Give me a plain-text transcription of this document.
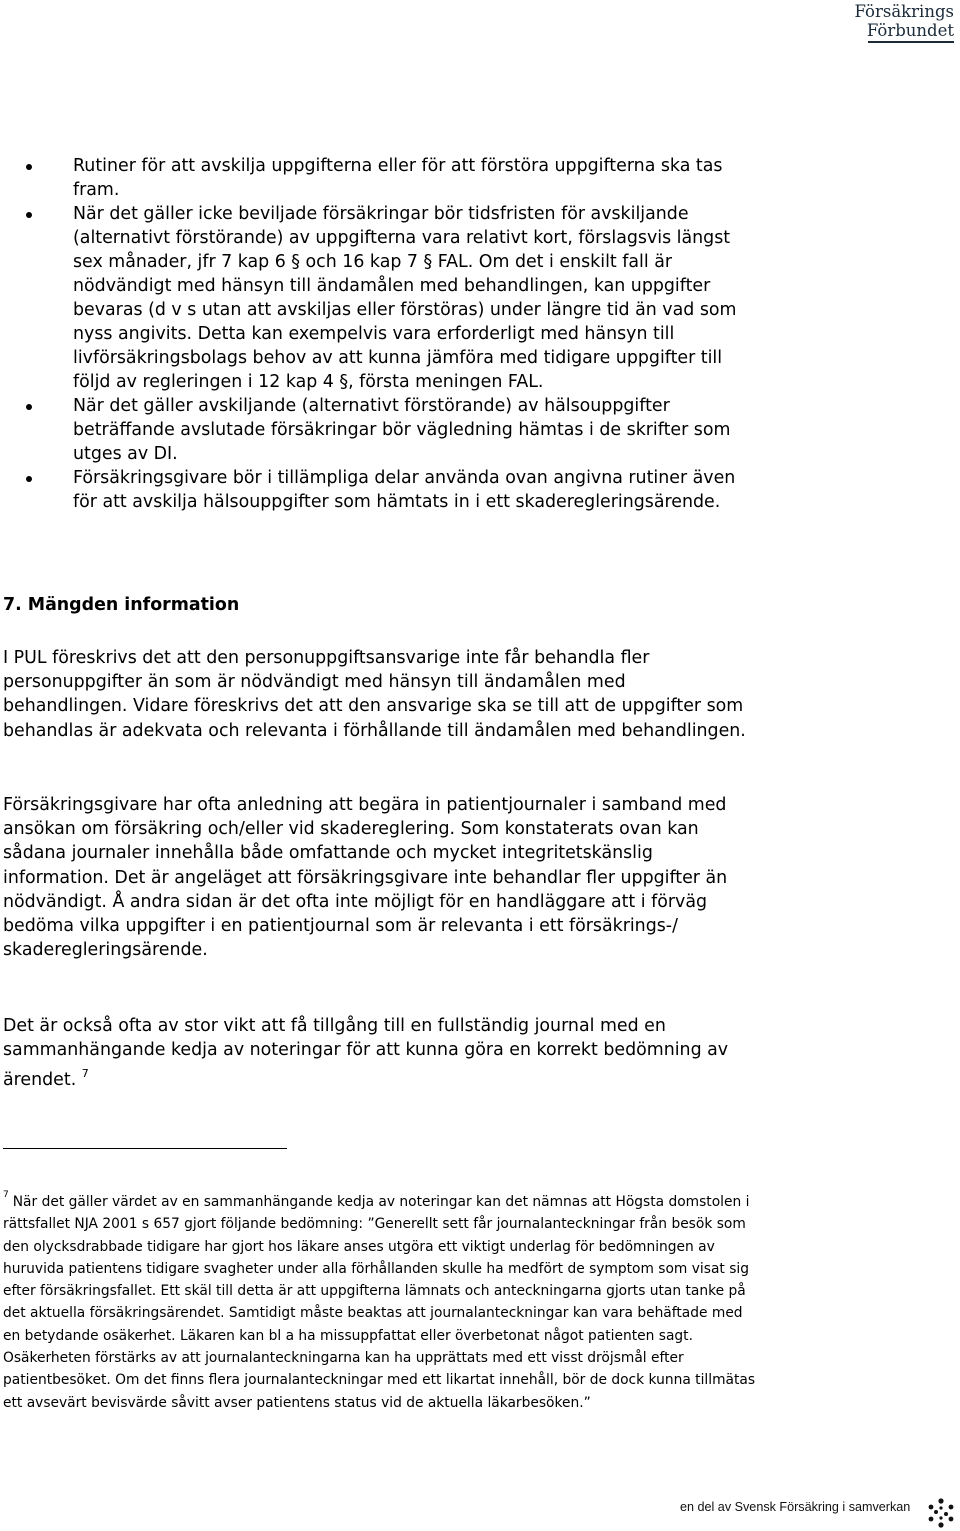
Försäkrings
Förbundet
Rutiner för att avskilja uppgifterna eller för att förstöra uppgifterna ska tas fram.
När det gäller icke beviljade försäkringar bör tidsfristen för avskiljande (alternativt förstörande) av uppgifterna vara relativt kort, förslagsvis längst sex månader, jfr 7 kap 6 § och 16 kap 7 § FAL. Om det i enskilt fall är nödvändigt med hänsyn till ändamålen med behandlingen, kan uppgifter bevaras (d v s utan att avskiljas eller förstöras) under längre tid än vad som nyss angivits. Detta kan exempelvis vara erforderligt med hänsyn till livförsäkringsbolags behov av att kunna jämföra med tidigare uppgifter till följd av regleringen i 12 kap 4 §, första meningen FAL.
När det gäller avskiljande (alternativt förstörande) av hälsouppgifter beträffande avslutade försäkringar bör vägledning hämtas i de skrifter som utges av DI.
Försäkringsgivare bör i tillämpliga delar använda ovan angivna rutiner även för att avskilja hälsouppgifter som hämtats in i ett skaderegleringsärende.
7. Mängden information

I PUL föreskrivs det att den personuppgiftsansvarige inte får behandla fler personuppgifter än som är nödvändigt med hänsyn till ändamålen med behandlingen. Vidare föreskrivs det att den ansvarige ska se till att de uppgifter som behandlas är adekvata och relevanta i förhållande till ändamålen med behandlingen.

Försäkringsgivare har ofta anledning att begära in patientjournaler i samband med ansökan om försäkring och/eller vid skadereglering. Som konstaterats ovan kan sådana journaler innehålla både omfattande och mycket integritetskänslig information. Det är angeläget att försäkringsgivare inte behandlar fler uppgifter än nödvändigt. Å andra sidan är det ofta inte möjligt för en handläggare att i förväg bedöma vilka uppgifter i en patientjournal som är relevanta i ett försäkrings-/ skaderegleringsärende.

Det är också ofta av stor vikt att få tillgång till en fullständig journal med en sammanhängande kedja av noteringar för att kunna göra en korrekt bedömning av ärendet. $^7$

$^7$ När det gäller värdet av en sammanhängande kedja av noteringar kan det nämnas att Högsta domstolen i rättsfallet NJA 2001 s 657 gjort följande bedömning: ”Generellt sett får journalanteckningar från besök som den olycksdrabbade tidigare har gjort hos läkare anses utgöra ett viktigt underlag för bedömningen av huruvida patientens tidigare svagheter under alla förhållanden skulle ha medfört de symptom som visat sig efter försäkringsfallet. Ett skäl till detta är att uppgifterna lämnats och anteckningarna gjorts utan tanke på det aktuella försäkringsärendet. Samtidigt måste beaktas att journalanteckningar kan vara behäftade med en betydande osäkerhet. Läkaren kan bl a ha missuppfattat eller överbetonat något patienten sagt. Osäkerheten förstärks av att journalanteckningarna kan ha upprättats med ett visst dröjsmål efter patientbesöket. Om det finns flera journalanteckningar med ett likartat innehåll, bör de dock kunna tillmätas ett avsevärt bevisvärde såvitt avser patientens status vid de aktuella läkarbesöken.”

en del av Svensk Försäkring i samverkan
